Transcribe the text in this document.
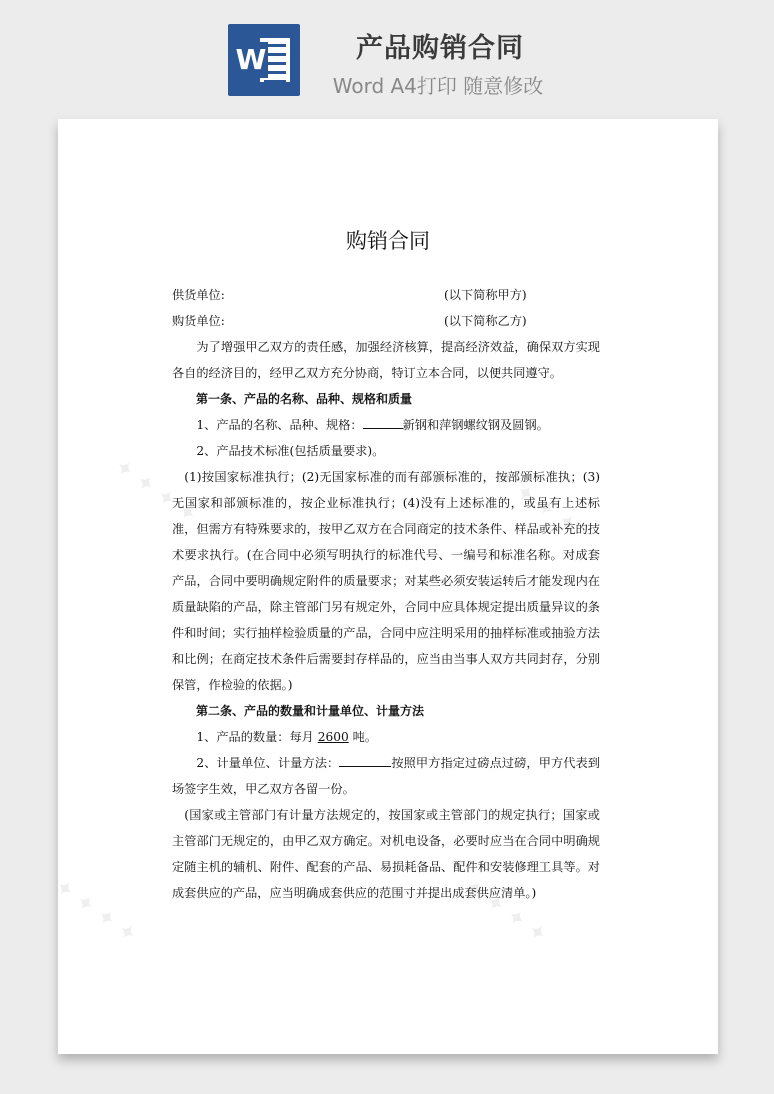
W	产品购销合同
Word A4打印 随意修改
✦ ✦ ✦ ✦	✦ ✦ ✦ ✦
✦ ✦ ✦ ✦	✦ ✦ ✦ ✦
购销合同

供货单位:	(以下简称甲方)

购货单位:	(以下简称乙方)

为了增强甲乙双方的责任感，加强经济核算，提高经济效益，确保双方实现各自的经济目的，经甲乙双方充分协商，特订立本合同，以便共同遵守。

第一条、产品的名称、品种、规格和质量

1、产品的名称、品种、规格：	新钢和萍钢螺纹钢及圆钢。

2、产品技术标准(包括质量要求)。

(1)按国家标准执行；(2)无国家标准的而有部颁标准的，按部颁标准执；(3)无国家和部颁标准的，按企业标准执行；(4)没有上述标准的，或虽有上述标准，但需方有特殊要求的，按甲乙双方在合同商定的技术条件、样品或补充的技术要求执行。(在合同中必须写明执行的标准代号、一编号和标准名称。对成套产品，合同中要明确规定附件的质量要求；对某些必须安装运转后才能发现内在质量缺陷的产品，除主管部门另有规定外，合同中应具体规定提出质量异议的条件和时间；实行抽样检验质量的产品，合同中应注明采用的抽样标准或抽验方法和比例；在商定技术条件后需要封存样品的，应当由当事人双方共同封存，分别保管，作检验的依据。)

第二条、产品的数量和计量单位、计量方法

1、产品的数量：每月 2600 吨。

2、计量单位、计量方法：	按照甲方指定过磅点过磅，甲方代表到场签字生效，甲乙双方各留一份。

(国家或主管部门有计量方法规定的，按国家或主管部门的规定执行；国家或主管部门无规定的，由甲乙双方确定。对机电设备，必要时应当在合同中明确规定随主机的辅机、附件、配套的产品、易损耗备品、配件和安装修理工具等。对成套供应的产品，应当明确成套供应的范围寸并提出成套供应清单。)
